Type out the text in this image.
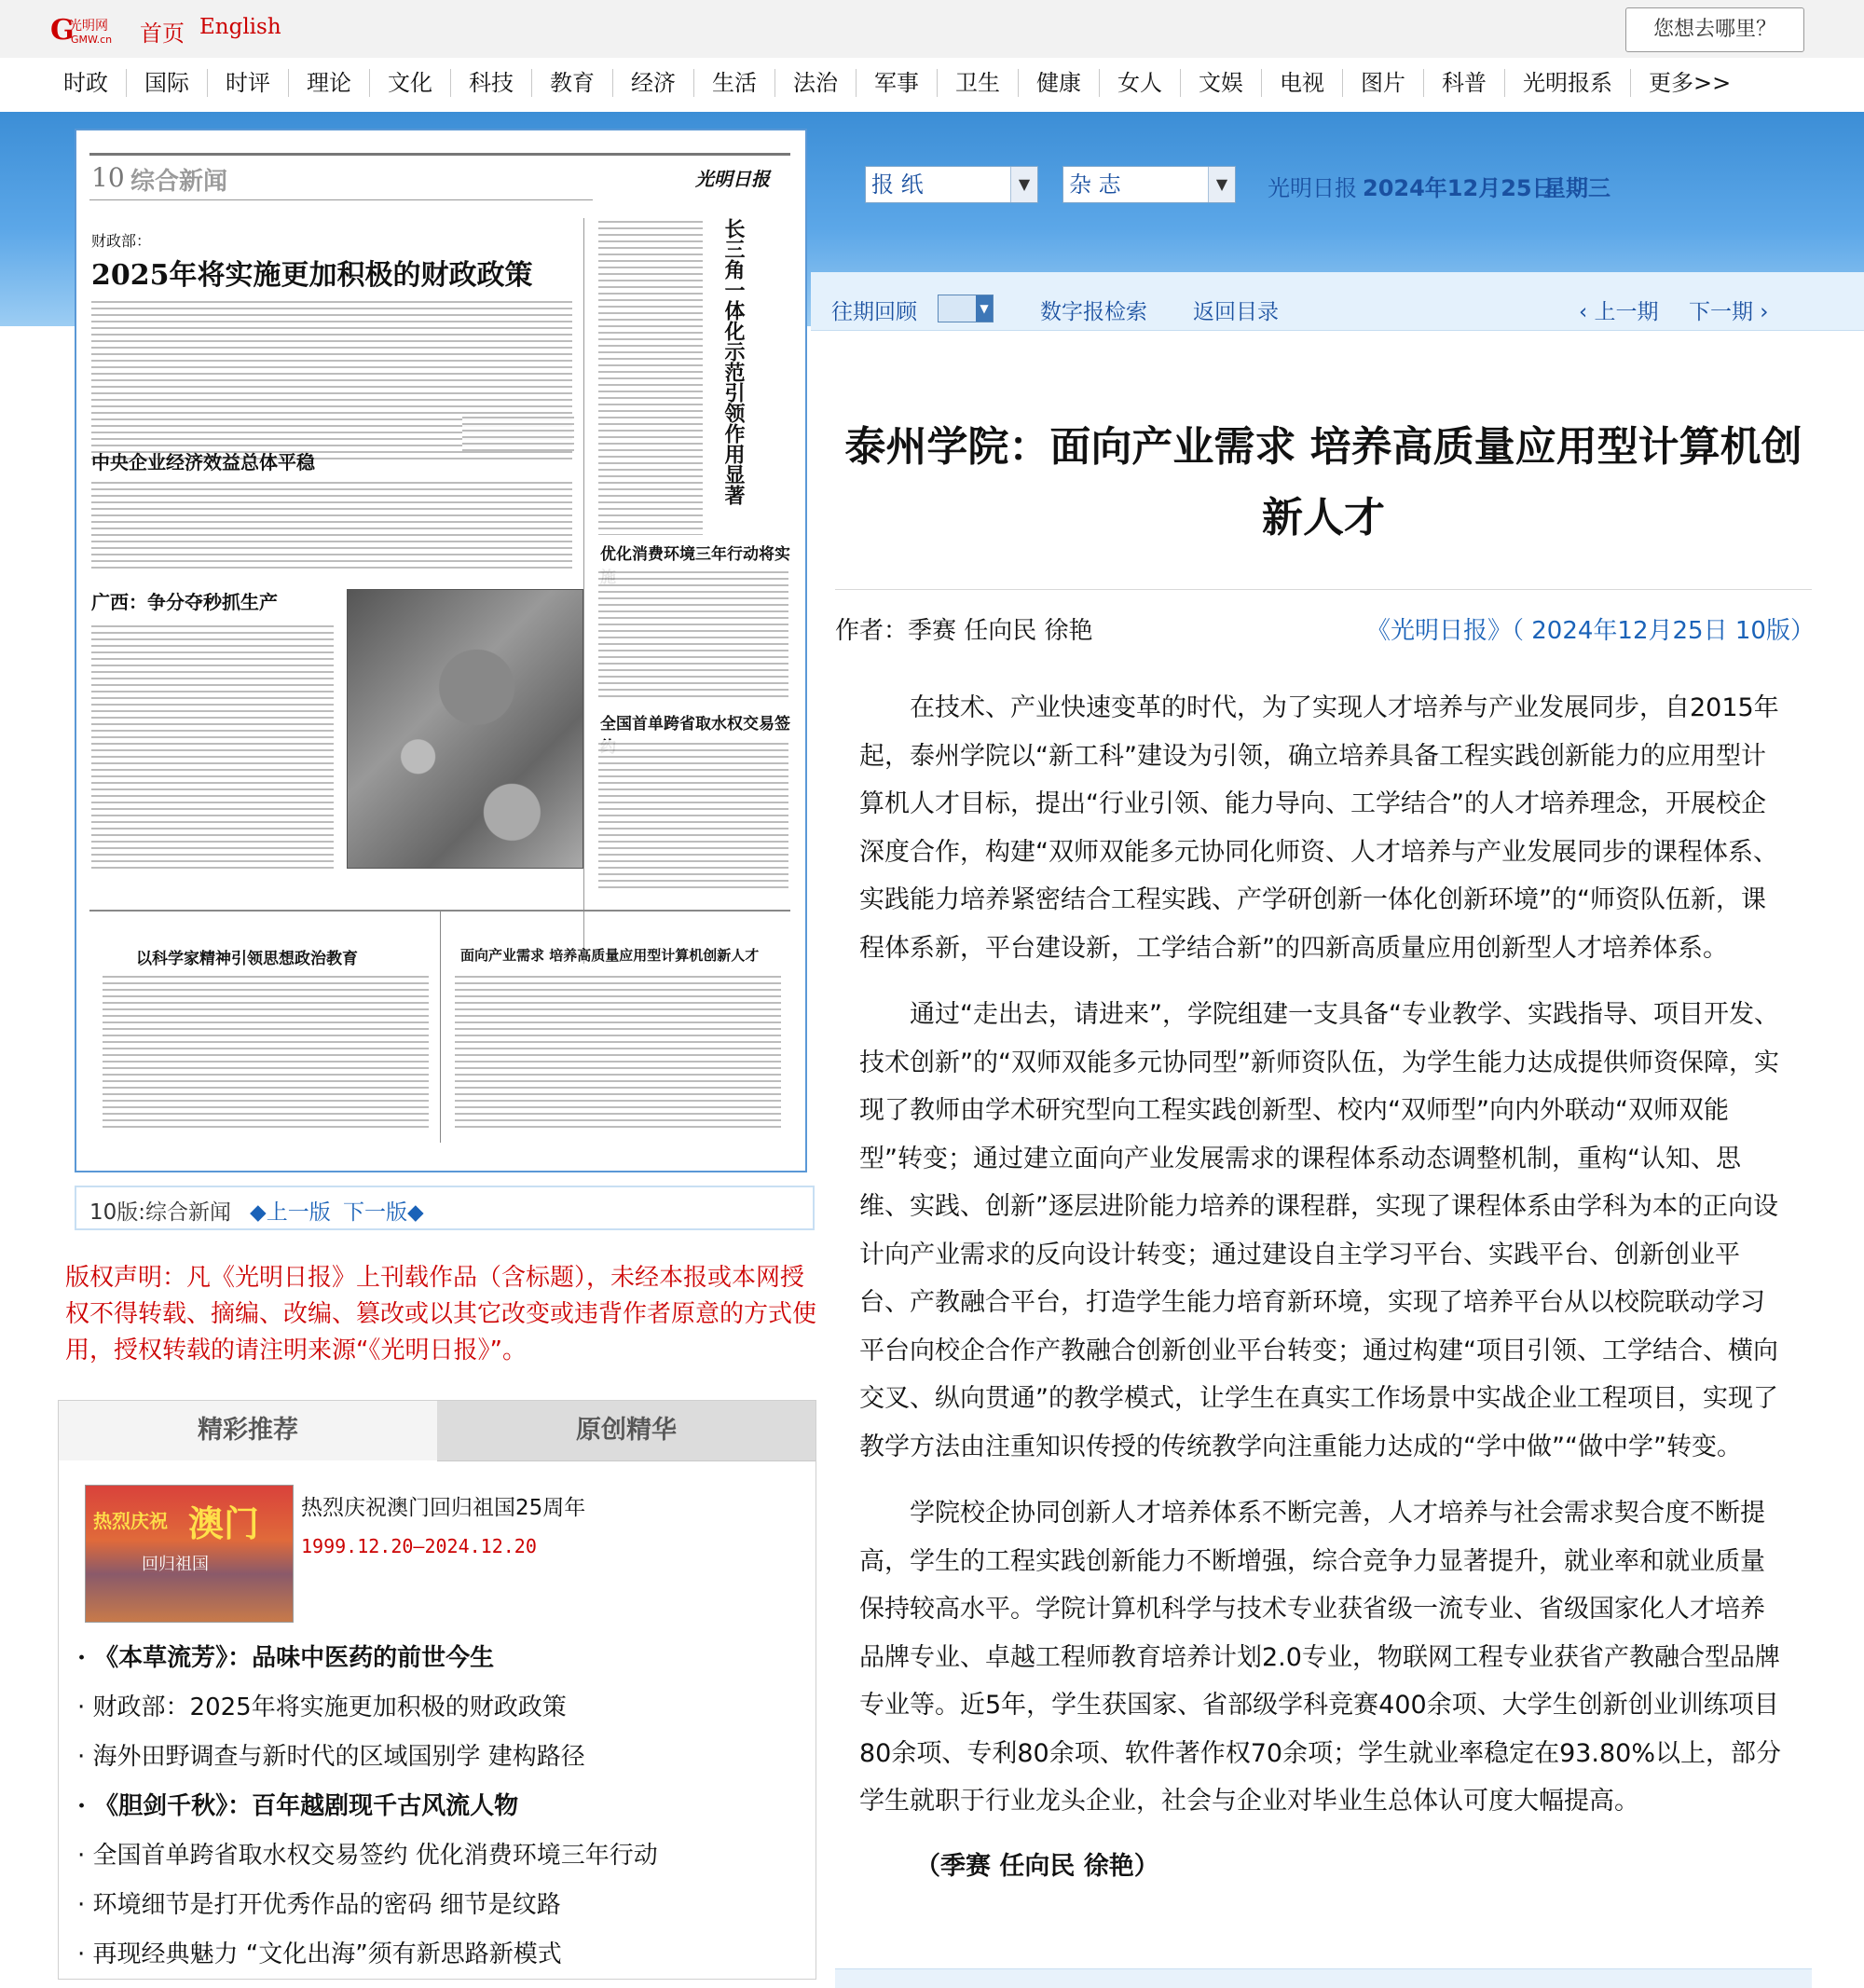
G
光明网
GMW.cn 首页 English	您想去哪里？
时政	国际	时评	理论	文化	科技	教育	经济	生活	法治	军事	卫生	健康	女人	文娱	电视	图片	科普	光明报系	更多>>
报 纸	▼	杂 志	▼	光明日报 2024年12月25日
星期三
往期回顾	▼ 数字报检索 返回目录	‹ 上一期 下一期 ›
10 综合新闻	光明日报
财政部：
2025年将实施更加积极的财政政策
中央企业经济效益总体平稳
广西：争分夺秒抓生产
长三角一体化示范引领作用显著
优化消费环境三年行动将实
全国首单跨省取水权交易签
以科学家精神引领思想政治教育	面向产业需求 培养高质量应用型计算机创新人才
10版:综合新闻 ◆上一版 下一版◆
版权声明：凡《光明日报》上刊载作品（含标题），未经本报或本网授权不得转载、摘编、改编、篡改或以其它改变或违背作者原意的方式使用，授权转载的请注明来源“《光明日报》”。
精彩推荐	原创精华
热烈庆祝 澳门
回归祖国
热烈庆祝澳门回归祖国25周年
1999.12.20—2024.12.20
· 《本草流芳》：品味中医药的前世今生
· 财政部：2025年将实施更加积极的财政政策
· 海外田野调查与新时代的区域国别学 建构路径
· 《胆剑千秋》：百年越剧现千古风流人物
· 全国首单跨省取水权交易签约 优化消费环境三年行动
· 环境细节是打开优秀作品的密码 细节是纹路
· 再现经典魅力 “文化出海”须有新思路新模式
泰州学院：面向产业需求 培养高质量应用型计算机创新人才
作者：季赛 任向民 徐艳	《光明日报》（ 2024年12月25日 10版）

在技术、产业快速变革的时代，为了实现人才培养与产业发展同步，自2015年起，泰州学院以“新工科”建设为引领，确立培养具备工程实践创新能力的应用型计算机人才目标，提出“行业引领、能力导向、工学结合”的人才培养理念，开展校企深度合作，构建“双师双能多元协同化师资、人才培养与产业发展同步的课程体系、实践能力培养紧密结合工程实践、产学研创新一体化创新环境”的“师资队伍新，课程体系新，平台建设新，工学结合新”的四新高质量应用创新型人才培养体系。

通过“走出去，请进来”，学院组建一支具备“专业教学、实践指导、项目开发、技术创新”的“双师双能多元协同型”新师资队伍，为学生能力达成提供师资保障，实现了教师由学术研究型向工程实践创新型、校内“双师型”向内外联动“双师双能型”转变；通过建立面向产业发展需求的课程体系动态调整机制，重构“认知、思维、实践、创新”逐层进阶能力培养的课程群，实现了课程体系由学科为本的正向设计向产业需求的反向设计转变；通过建设自主学习平台、实践平台、创新创业平台、产教融合平台，打造学生能力培育新环境，实现了培养平台从以校院联动学习平台向校企合作产教融合创新创业平台转变；通过构建“项目引领、工学结合、横向交叉、纵向贯通”的教学模式，让学生在真实工作场景中实战企业工程项目，实现了教学方法由注重知识传授的传统教学向注重能力达成的“学中做”“做中学”转变。

学院校企协同创新人才培养体系不断完善，人才培养与社会需求契合度不断提高，学生的工程实践创新能力不断增强，综合竞争力显著提升，就业率和就业质量保持较高水平。学院计算机科学与技术专业获省级一流专业、省级国家化人才培养品牌专业、卓越工程师教育培养计划2.0专业，物联网工程专业获省产教融合型品牌专业等。近5年，学生获国家、省部级学科竞赛400余项、大学生创新创业训练项目80余项、专利80余项、软件著作权70余项；学生就业率稳定在93.80%以上，部分学生就职于行业龙头企业，社会与企业对毕业生总体认可度大幅提高。

（季赛 任向民 徐艳）
